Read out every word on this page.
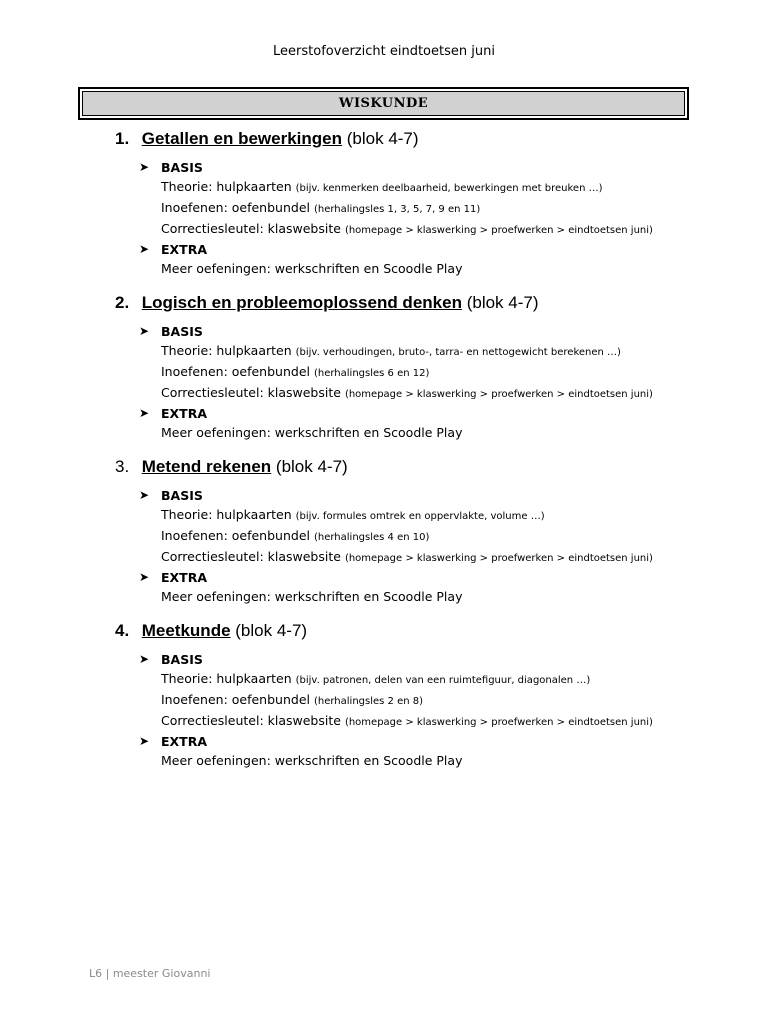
Leerstofoverzicht eindtoetsen juni
WISKUNDE
1. Getallen en bewerkingen (blok 4-7)
➤ BASIS
Theorie: hulpkaarten (bijv. kenmerken deelbaarheid, bewerkingen met breuken …)
Inoefenen: oefenbundel (herhalingsles 1, 3, 5, 7, 9 en 11)
Correctiesleutel: klaswebsite (homepage > klaswerking > proefwerken > eindtoetsen juni)
➤ EXTRA
Meer oefeningen: werkschriften en Scoodle Play
2. Logisch en probleemoplossend denken (blok 4-7)
➤ BASIS
Theorie: hulpkaarten (bijv. verhoudingen, bruto-, tarra- en nettogewicht berekenen …)
Inoefenen: oefenbundel (herhalingsles 6 en 12)
Correctiesleutel: klaswebsite (homepage > klaswerking > proefwerken > eindtoetsen juni)
➤ EXTRA
Meer oefeningen: werkschriften en Scoodle Play
3. Metend rekenen (blok 4-7)
➤ BASIS
Theorie: hulpkaarten (bijv. formules omtrek en oppervlakte, volume …)
Inoefenen: oefenbundel (herhalingsles 4 en 10)
Correctiesleutel: klaswebsite (homepage > klaswerking > proefwerken > eindtoetsen juni)
➤ EXTRA
Meer oefeningen: werkschriften en Scoodle Play
4. Meetkunde (blok 4-7)
➤ BASIS
Theorie: hulpkaarten (bijv. patronen, delen van een ruimtefiguur, diagonalen …)
Inoefenen: oefenbundel (herhalingsles 2 en 8)
Correctiesleutel: klaswebsite (homepage > klaswerking > proefwerken > eindtoetsen juni)
➤ EXTRA
Meer oefeningen: werkschriften en Scoodle Play
L6 | meester Giovanni
